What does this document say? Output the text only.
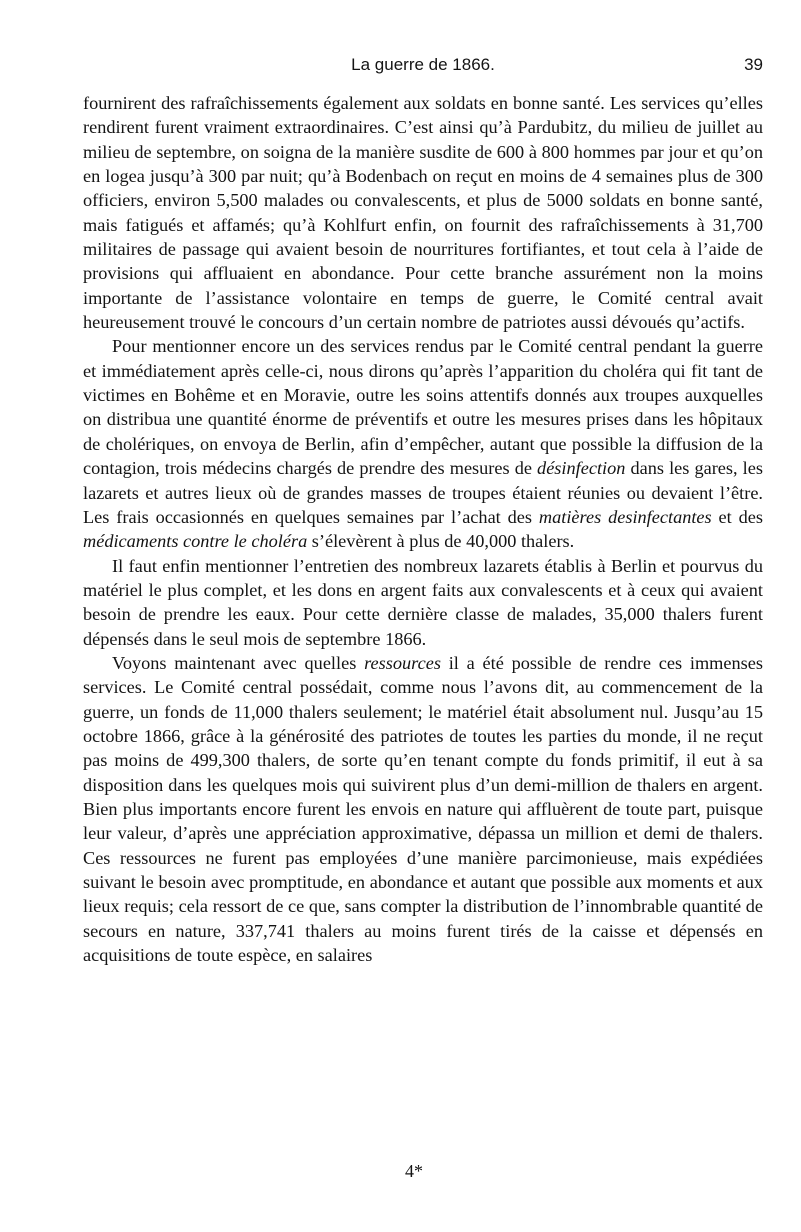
La guerre de 1866.	39

fournirent des rafraîchissements également aux soldats en bonne santé. Les services qu’elles rendirent furent vraiment extraordinaires. C’est ainsi qu’à Pardubitz, du milieu de juillet au milieu de septembre, on soigna de la manière susdite de 600 à 800 hommes par jour et qu’on en logea jusqu’à 300 par nuit; qu’à Bodenbach on reçut en moins de 4 semaines plus de 300 officiers, environ 5,500 malades ou convalescents, et plus de 5000 soldats en bonne santé, mais fatigués et affamés; qu’à Kohlfurt enfin, on fournit des rafraîchissements à 31,700 militaires de passage qui avaient besoin de nourritures fortifiantes, et tout cela à l’aide de provisions qui affluaient en abondance. Pour cette branche assurément non la moins importante de l’assistance volontaire en temps de guerre, le Comité central avait heureusement trouvé le concours d’un certain nombre de patriotes aussi dévoués qu’actifs.

Pour mentionner encore un des services rendus par le Comité central pendant la guerre et immédiatement après celle-ci, nous dirons qu’après l’apparition du choléra qui fit tant de victimes en Bohême et en Moravie, outre les soins attentifs donnés aux troupes auxquelles on distribua une quantité énorme de préventifs et outre les mesures prises dans les hôpitaux de cholériques, on envoya de Berlin, afin d’empêcher, autant que possible la diffusion de la contagion, trois médecins chargés de prendre des mesures de désinfection dans les gares, les lazarets et autres lieux où de grandes masses de troupes étaient réunies ou devaient l’être. Les frais occasionnés en quelques semaines par l’achat des matières desinfectantes et des médicaments contre le choléra s’élevèrent à plus de 40,000 thalers.

Il faut enfin mentionner l’entretien des nombreux lazarets établis à Berlin et pourvus du matériel le plus complet, et les dons en argent faits aux convalescents et à ceux qui avaient besoin de prendre les eaux. Pour cette dernière classe de malades, 35,000 thalers furent dépensés dans le seul mois de septembre 1866.

Voyons maintenant avec quelles ressources il a été possible de rendre ces immenses services. Le Comité central possédait, comme nous l’avons dit, au commencement de la guerre, un fonds de 11,000 thalers seulement; le matériel était absolument nul. Jusqu’au 15 octobre 1866, grâce à la générosité des patriotes de toutes les parties du monde, il ne reçut pas moins de 499,300 thalers, de sorte qu’en tenant compte du fonds primitif, il eut à sa disposition dans les quelques mois qui suivirent plus d’un demi-million de thalers en argent. Bien plus importants encore furent les envois en nature qui affluèrent de toute part, puisque leur valeur, d’après une appréciation approximative, dépassa un million et demi de thalers. Ces ressources ne furent pas employées d’une manière parcimonieuse, mais expédiées suivant le besoin avec promptitude, en abondance et autant que possible aux moments et aux lieux requis; cela ressort de ce que, sans compter la distribution de l’innombrable quantité de secours en nature, 337,741 thalers au moins furent tirés de la caisse et dépensés en acquisitions de toute espèce, en salaires

4*
